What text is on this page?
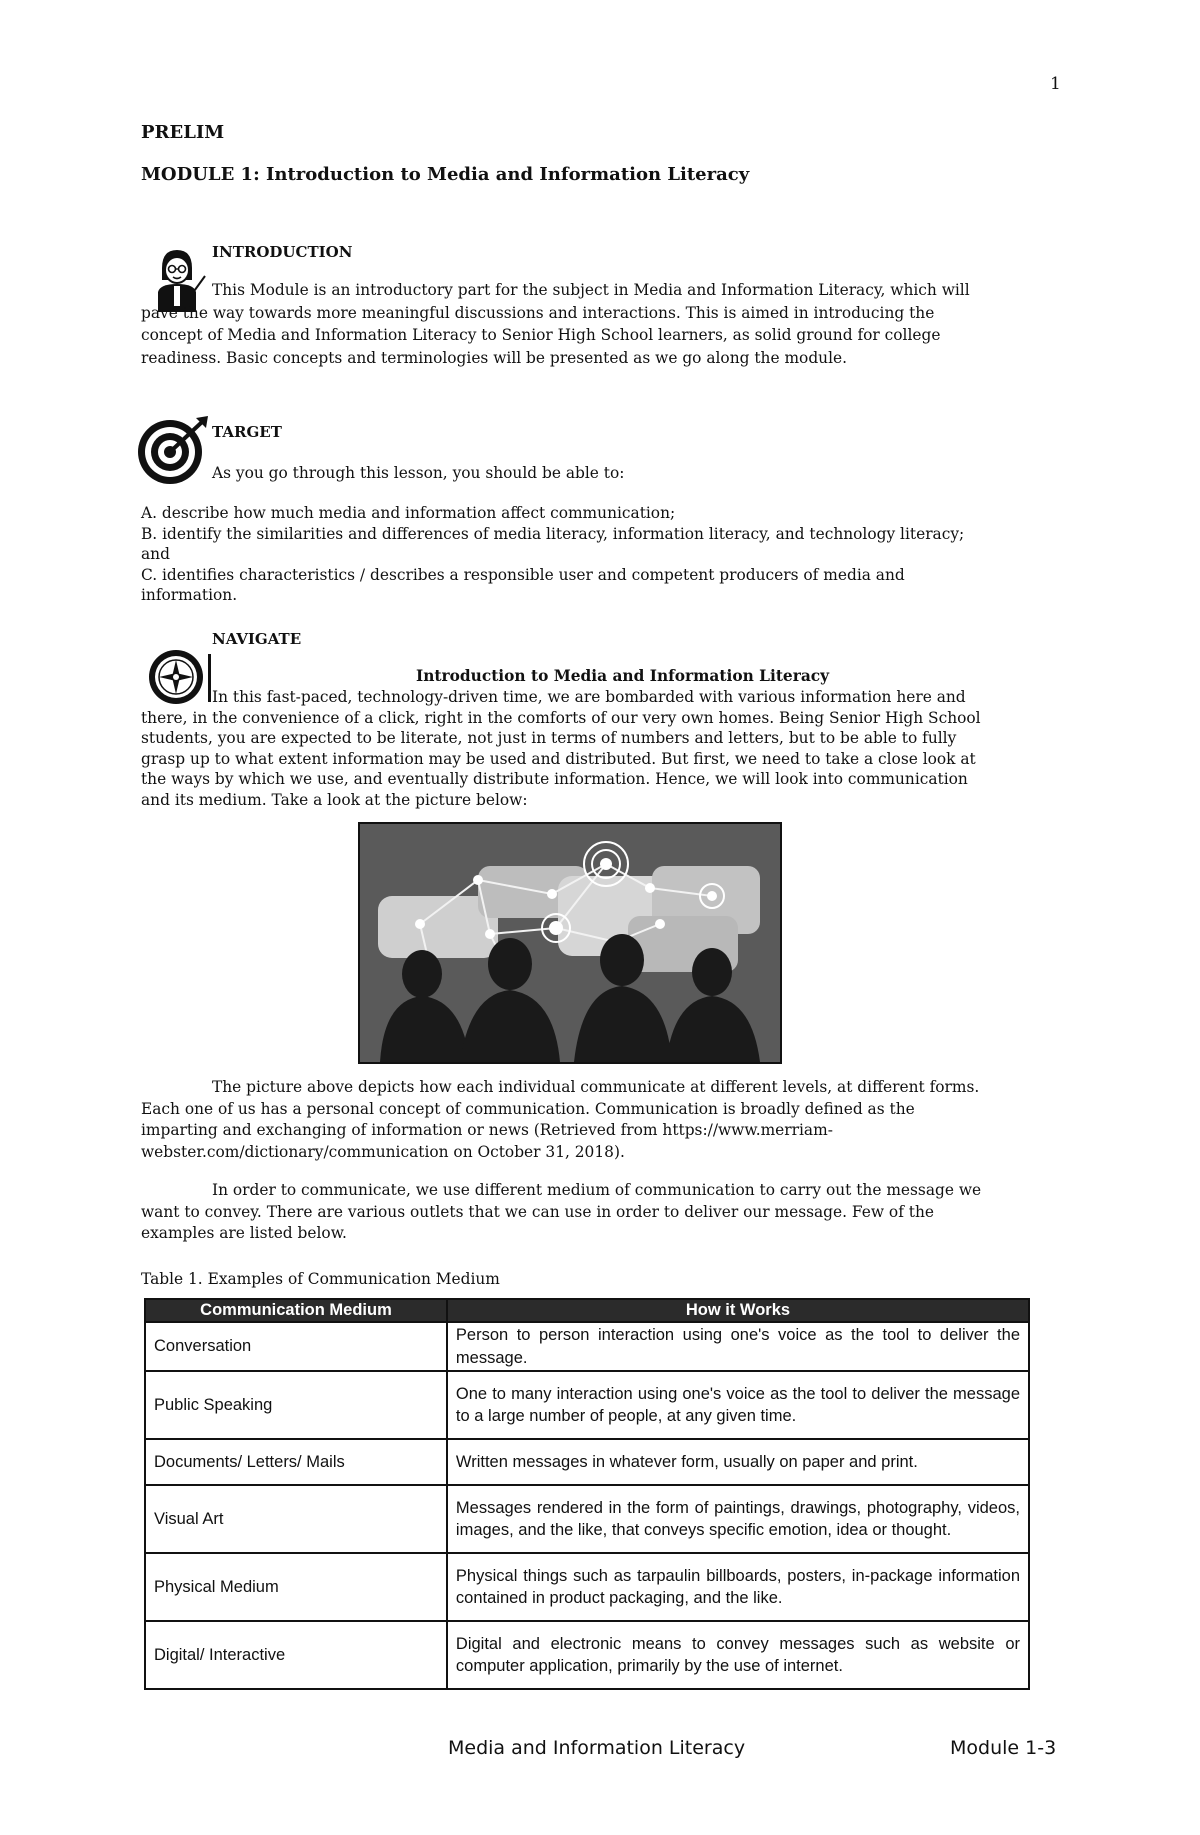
1
PRELIM
MODULE 1: Introduction to Media and Information Literacy
INTRODUCTION
This Module is an introductory part for the subject in Media and Information Literacy, which will
pave the way towards more meaningful discussions and interactions. This is aimed in introducing the
concept of Media and Information Literacy to Senior High School learners, as solid ground for college
readiness. Basic concepts and terminologies will be presented as we go along the module.
TARGET
As you go through this lesson, you should be able to:
A. describe how much media and information affect communication;
B. identify the similarities and differences of media literacy, information literacy, and technology literacy;
and
C. identifies characteristics / describes a responsible user and competent producers of media and
information.
NAVIGATE
Introduction to Media and Information Literacy
In this fast-paced, technology-driven time, we are bombarded with various information here and
there, in the convenience of a click, right in the comforts of our very own homes. Being Senior High School
students, you are expected to be literate, not just in terms of numbers and letters, but to be able to fully
grasp up to what extent information may be used and distributed. But first, we need to take a close look at
the ways by which we use, and eventually distribute information. Hence, we will look into communication
and its medium. Take a look at the picture below:
The picture above depicts how each individual communicate at different levels, at different forms.
Each one of us has a personal concept of communication. Communication is broadly defined as the
imparting and exchanging of information or news (Retrieved from https://www.merriam-
webster.com/dictionary/communication on October 31, 2018).
In order to communicate, we use different medium of communication to carry out the message we
want to convey. There are various outlets that we can use in order to deliver our message. Few of the
examples are listed below.
Table 1. Examples of Communication Medium
Communication Medium	How it Works
Conversation	Person to person interaction using one's voice as the tool to deliver the message.
Public Speaking	One to many interaction using one's voice as the tool to deliver the message to a large number of people, at any given time.
Documents/ Letters/ Mails	Written messages in whatever form, usually on paper and print.
Visual Art	Messages rendered in the form of paintings, drawings, photography, videos, images, and the like, that conveys specific emotion, idea or thought.
Physical Medium	Physical things such as tarpaulin billboards, posters, in-package information contained in product packaging, and the like.
Digital/ Interactive	Digital and electronic means to convey messages such as website or computer application, primarily by the use of internet.
Media and Information Literacy	Module 1-3
